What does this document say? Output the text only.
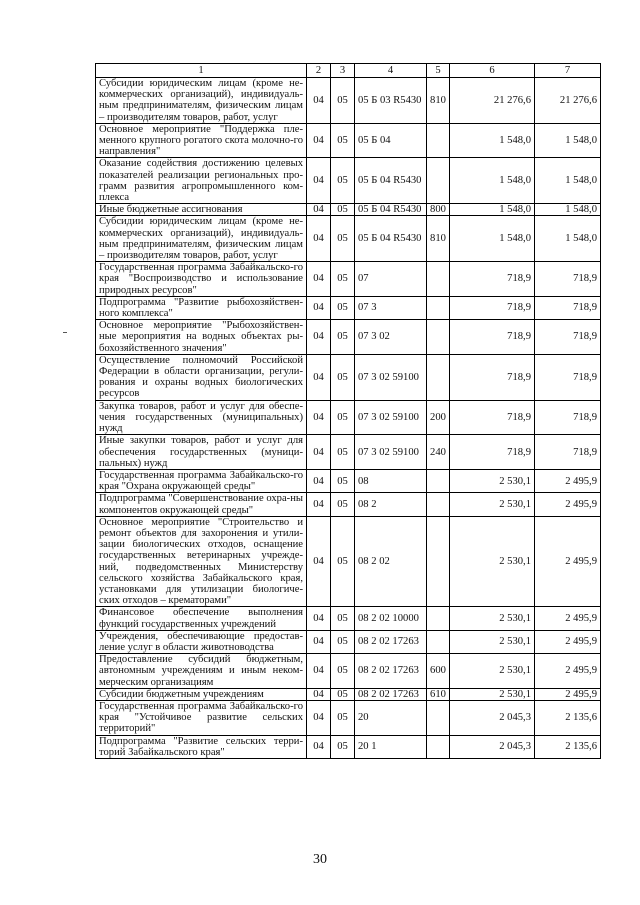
1	2	3	4	5	6	7
Субсидии юридическим лицам (кроме не-коммерческих организаций), индивидуаль-ным предпринимателям, физическим лицам – производителям товаров, работ, услуг	04	05	05 Б 03 R5430	810	21 276,6	21 276,6
Основное мероприятие "Поддержка пле-менного крупного рогатого скота молочно-го направления"	04	05	05 Б 04		1 548,0	1 548,0
Оказание содействия достижению целевых показателей реализации региональных про-грамм развития агропромышленного ком-плекса	04	05	05 Б 04 R5430		1 548,0	1 548,0
Иные бюджетные ассигнования	04	05	05 Б 04 R5430	800	1 548,0	1 548,0
Субсидии юридическим лицам (кроме не-коммерческих организаций), индивидуаль-ным предпринимателям, физическим лицам – производителям товаров, работ, услуг	04	05	05 Б 04 R5430	810	1 548,0	1 548,0
Государственная программа Забайкальско-го края "Воспроизводство и использование природных ресурсов"	04	05	07		718,9	718,9
Подпрограмма "Развитие рыбохозяйствен-ного комплекса"	04	05	07 3		718,9	718,9
Основное мероприятие "Рыбохозяйствен-ные мероприятия на водных объектах ры-бохозяйственного значения"	04	05	07 3 02		718,9	718,9
Осуществление полномочий Российской Федерации в области организации, регули-рования и охраны водных биологических ресурсов	04	05	07 3 02 59100		718,9	718,9
Закупка товаров, работ и услуг для обеспе-чения государственных (муниципальных) нужд	04	05	07 3 02 59100	200	718,9	718,9
Иные закупки товаров, работ и услуг для обеспечения государственных (муници-пальных) нужд	04	05	07 3 02 59100	240	718,9	718,9
Государственная программа Забайкальско-го края "Охрана окружающей среды"	04	05	08		2 530,1	2 495,9
Подпрограмма "Совершенствование охра-ны компонентов окружающей среды"	04	05	08 2		2 530,1	2 495,9
Основное мероприятие "Строительство и ремонт объектов для захоронения и утили-зации биологических отходов, оснащение государственных ветеринарных учрежде-ний, подведомственных Министерству сельского хозяйства Забайкальского края, установками для утилизации биологиче-ских отходов – крематорами"	04	05	08 2 02		2 530,1	2 495,9
Финансовое обеспечение выполнения функций государственных учреждений	04	05	08 2 02 10000		2 530,1	2 495,9
Учреждения, обеспечивающие предостав-ление услуг в области животноводства	04	05	08 2 02 17263		2 530,1	2 495,9
Предоставление субсидий бюджетным, автономным учреждениям и иным неком-мерческим организациям	04	05	08 2 02 17263	600	2 530,1	2 495,9
Субсидии бюджетным учреждениям	04	05	08 2 02 17263	610	2 530,1	2 495,9
Государственная программа Забайкальско-го края "Устойчивое развитие сельских территорий"	04	05	20		2 045,3	2 135,6
Подпрограмма "Развитие сельских терри-торий Забайкальского края"	04	05	20 1		2 045,3	2 135,6
30
